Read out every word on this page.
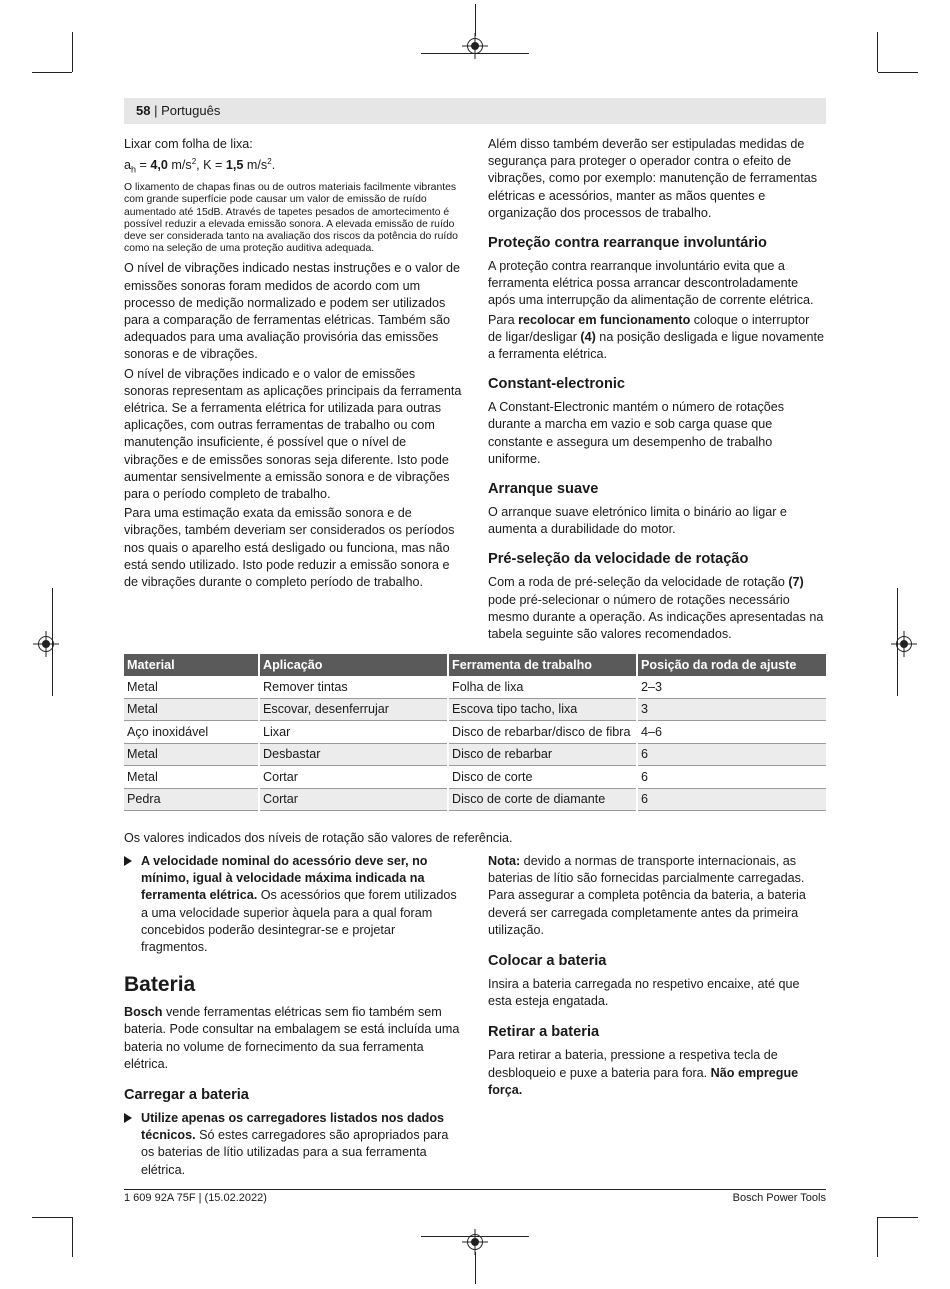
58 | Português

Lixar com folha de lixa:

$a_h = 4,0$ $m/s^2$, K = 1,5 $m/s^2$.

O lixamento de chapas finas ou de outros materiais facilmente vibrantes com grande superfície pode causar um valor de emissão de ruído aumentado até 15dB. Através de tapetes pesados de amortecimento é possível reduzir a elevada emissão sonora. A elevada emissão de ruído deve ser considerada tanto na avaliação dos riscos da potência do ruído como na seleção de uma proteção auditiva adequada.

O nível de vibrações indicado nestas instruções e o valor de emissões sonoras foram medidos de acordo com um processo de medição normalizado e podem ser utilizados para a comparação de ferramentas elétricas. Também são adequados para uma avaliação provisória das emissões sonoras e de vibrações.

O nível de vibrações indicado e o valor de emissões sonoras representam as aplicações principais da ferramenta elétrica. Se a ferramenta elétrica for utilizada para outras aplicações, com outras ferramentas de trabalho ou com manutenção insuficiente, é possível que o nível de vibrações e de emissões sonoras seja diferente. Isto pode aumentar sensivelmente a emissão sonora e de vibrações para o período completo de trabalho.

Para uma estimação exata da emissão sonora e de vibrações, também deveriam ser considerados os períodos nos quais o aparelho está desligado ou funciona, mas não está sendo utilizado. Isto pode reduzir a emissão sonora e de vibrações durante o completo período de trabalho.

Além disso também deverão ser estipuladas medidas de segurança para proteger o operador contra o efeito de vibrações, como por exemplo: manutenção de ferramentas elétricas e acessórios, manter as mãos quentes e organização dos processos de trabalho.

Proteção contra rearranque involuntário

A proteção contra rearranque involuntário evita que a ferramenta elétrica possa arrancar descontroladamente após uma interrupção da alimentação de corrente elétrica.

Para recolocar em funcionamento coloque o interruptor de ligar/desligar (4) na posição desligada e ligue novamente a ferramenta elétrica.

Constant-electronic

A Constant-Electronic mantém o número de rotações durante a marcha em vazio e sob carga quase que constante e assegura um desempenho de trabalho uniforme.

Arranque suave

O arranque suave eletrónico limita o binário ao ligar e aumenta a durabilidade do motor.

Pré-seleção da velocidade de rotação

Com a roda de pré-seleção da velocidade de rotação (7) pode pré-selecionar o número de rotações necessário mesmo durante a operação. As indicações apresentadas na tabela seguinte são valores recomendados.

Material	Aplicação	Ferramenta de trabalho	Posição da roda de ajuste
Metal	Remover tintas	Folha de lixa	2–3
Metal	Escovar, desenferrujar	Escova tipo tacho, lixa	3
Aço inoxidável	Lixar	Disco de rebarbar/disco de fibra	4–6
Metal	Desbastar	Disco de rebarbar	6
Metal	Cortar	Disco de corte	6
Pedra	Cortar	Disco de corte de diamante	6

Os valores indicados dos níveis de rotação são valores de referência.

A velocidade nominal do acessório deve ser, no mínimo, igual à velocidade máxima indicada na ferramenta elétrica. Os acessórios que forem utilizados a uma velocidade superior àquela para a qual foram concebidos poderão desintegrar-se e projetar fragmentos.
Bateria

Bosch vende ferramentas elétricas sem fio também sem bateria. Pode consultar na embalagem se está incluída uma bateria no volume de fornecimento da sua ferramenta elétrica.

Carregar a bateria
Utilize apenas os carregadores listados nos dados técnicos. Só estes carregadores são apropriados para os baterias de lítio utilizadas para a sua ferramenta elétrica.

Nota: devido a normas de transporte internacionais, as baterias de lítio são fornecidas parcialmente carregadas. Para assegurar a completa potência da bateria, a bateria deverá ser carregada completamente antes da primeira utilização.

Colocar a bateria

Insira a bateria carregada no respetivo encaixe, até que esta esteja engatada.

Retirar a bateria

Para retirar a bateria, pressione a respetiva tecla de desbloqueio e puxe a bateria para fora. Não empregue força.

1 609 92A 75F | (15.02.2022)	Bosch Power Tools
